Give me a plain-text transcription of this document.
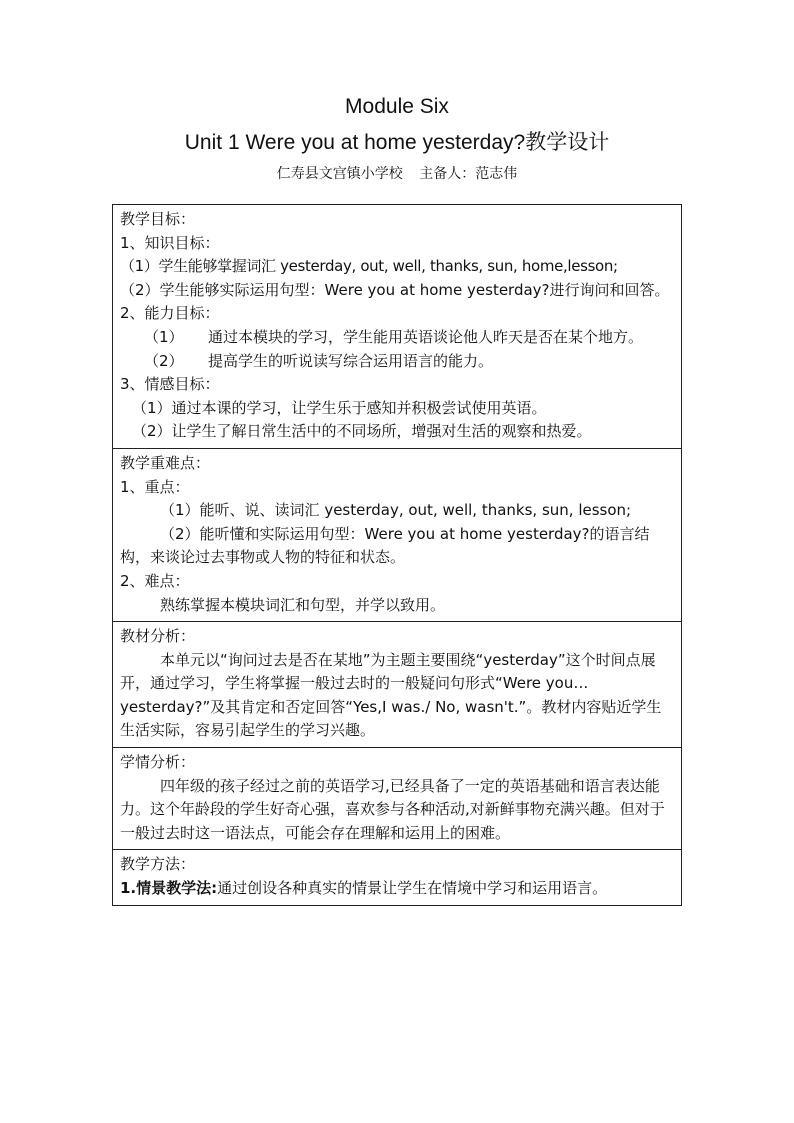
Module Six
Unit 1 Were you at home yesterday?教学设计
仁寿县文宫镇小学校 主备人：范志伟
教学目标：
1、知识目标：
（1）学生能够掌握词汇 yesterday, out, well, thanks, sun, home,lesson;
（2）学生能够实际运用句型：Were you at home yesterday?进行询问和回答。
2、能力目标：
（1）	通过本模块的学习，学生能用英语谈论他人昨天是否在某个地方。
（2）	提高学生的听说读写综合运用语言的能力。
3、情感目标：
（1）通过本课的学习，让学生乐于感知并积极尝试使用英语。
（2）让学生了解日常生活中的不同场所，增强对生活的观察和热爱。

教学重难点：
1、重点：
（1）能听、说、读词汇 yesterday, out, well, thanks, sun, lesson;
（2）能听懂和实际运用句型：Were you at home yesterday?的语言结构，来谈论过去事物或人物的特征和状态。
2、难点：
熟练掌握本模块词汇和句型，并学以致用。

教材分析：
本单元以“询问过去是否在某地”为主题主要围绕“yesterday”这个时间点展开，通过学习，学生将掌握一般过去时的一般疑问句形式“Were you…yesterday?”及其肯定和否定回答“Yes,I was./ No, wasn't.”。教材内容贴近学生生活实际，容易引起学生的学习兴趣。

学情分析：
四年级的孩子经过之前的英语学习,已经具备了一定的英语基础和语言表达能力。这个年龄段的学生好奇心强，喜欢参与各种活动,对新鲜事物充满兴趣。但对于一般过去时这一语法点，可能会存在理解和运用上的困难。

教学方法：
1.情景教学法:通过创设各种真实的情景让学生在情境中学习和运用语言。
